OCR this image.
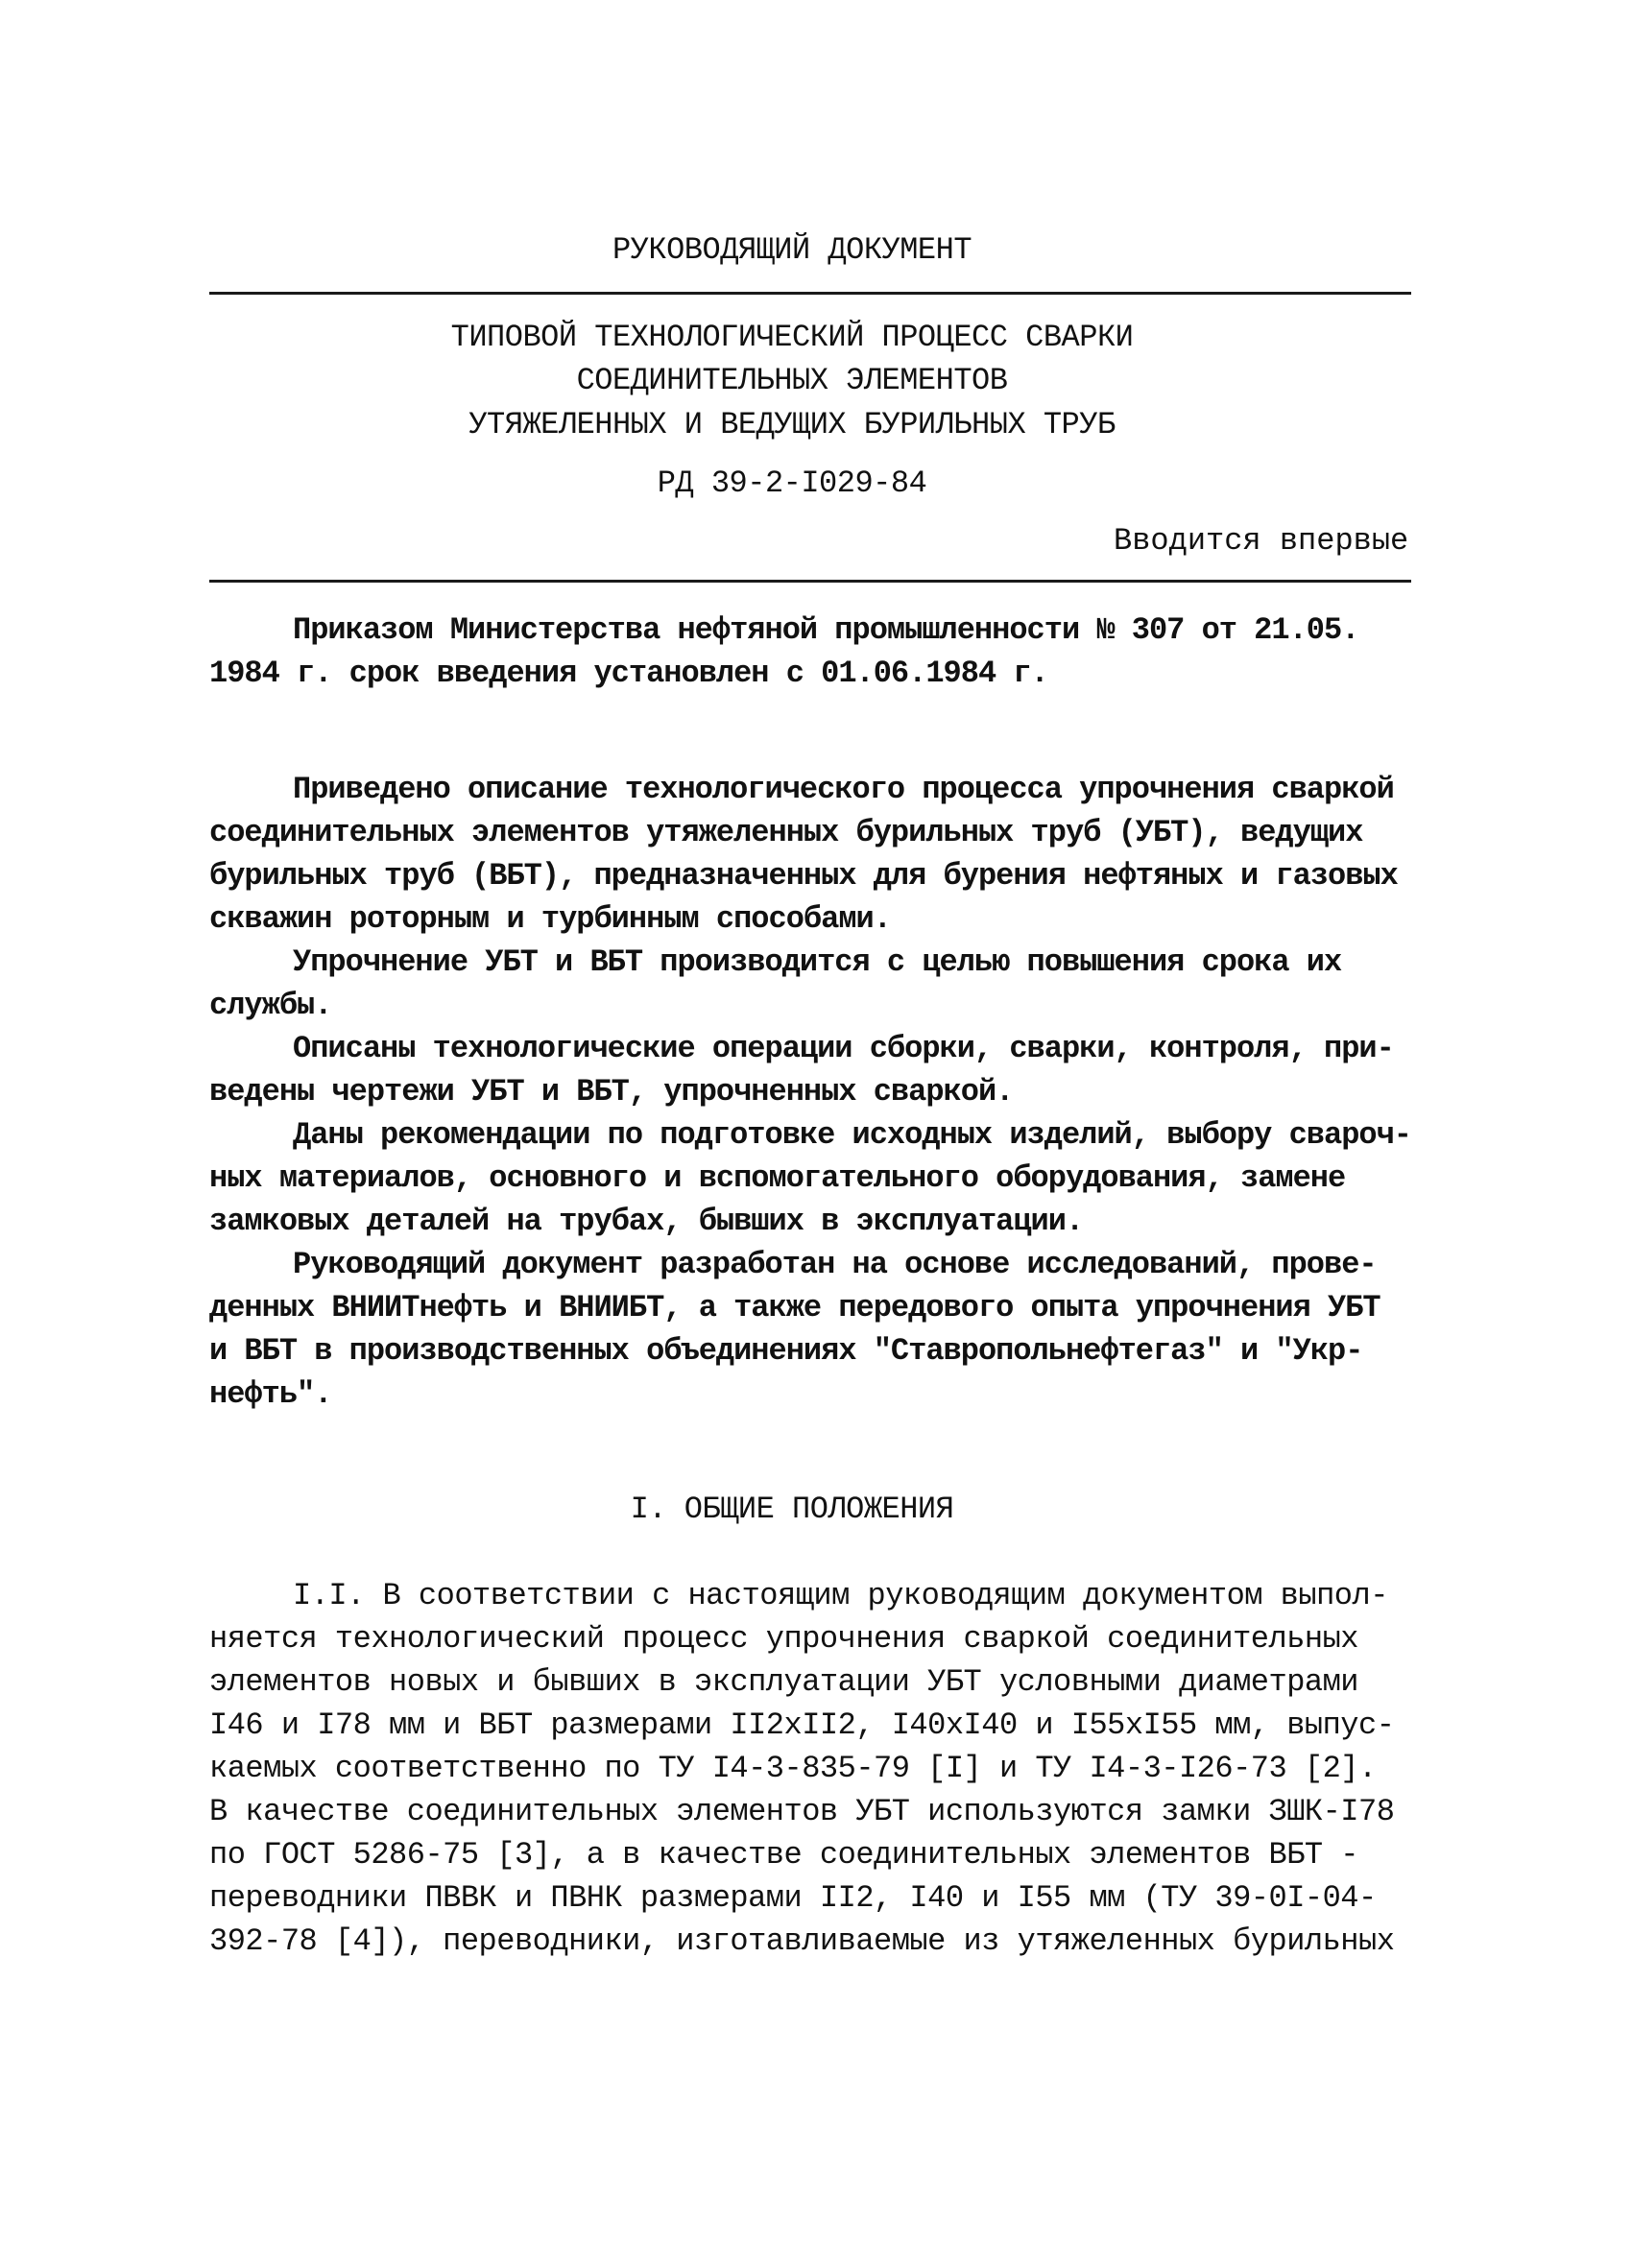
РУКОВОДЯЩИЙ ДОКУМЕНТ
ТИПОВОЙ ТЕХНОЛОГИЧЕСКИЙ ПРОЦЕСС СВАРКИ
СОЕДИНИТЕЛЬНЫХ ЭЛЕМЕНТОВ
УТЯЖЕЛЕННЫХ И ВЕДУЩИХ БУРИЛЬНЫХ ТРУБ
РД 39-2-I029-84
Вводится впервые
Приказом Министерства нефтяной промышленности № 307 от 21.05.
1984 г. срок введения установлен с 01.06.1984 г.
Приведено описание технологического процесса упрочнения сваркой
соединительных элементов утяжеленных бурильных труб (УБТ), ведущих
бурильных труб (ВБТ), предназначенных для бурения нефтяных и газовых
скважин роторным и турбинным способами.
Упрочнение УБТ и ВБТ производится с целью повышения срока их
службы.
Описаны технологические операции сборки, сварки, контроля, при-
ведены чертежи УБТ и ВБТ, упрочненных сваркой.
Даны рекомендации по подготовке исходных изделий, выбору свароч-
ных материалов, основного и вспомогательного оборудования, замене
замковых деталей на трубах, бывших в эксплуатации.
Руководящий документ разработан на основе исследований, прове-
денных ВНИИТнефть и ВНИИБТ, а также передового опыта упрочнения УБТ
и ВБТ в производственных объединениях "Ставропольнефтегаз" и "Укр-
нефть".
I. ОБЩИЕ ПОЛОЖЕНИЯ
I.I. В соответствии с настоящим руководящим документом выпол-
няется технологический процесс упрочнения сваркой соединительных
элементов новых и бывших в эксплуатации УБТ условными диаметрами
I46 и I78 мм и ВБТ размерами II2xII2, I40xI40 и I55xI55 мм, выпус-
каемых соответственно по ТУ I4-3-835-79 [I] и ТУ I4-3-I26-73 [2].
В качестве соединительных элементов УБТ используются замки ЗШК-I78
по ГОСТ 5286-75 [3], а в качестве соединительных элементов ВБТ -
переводники ПВВК и ПВНК размерами II2, I40 и I55 мм (ТУ 39-0I-04-
392-78 [4]), переводники, изготавливаемые из утяжеленных бурильных
